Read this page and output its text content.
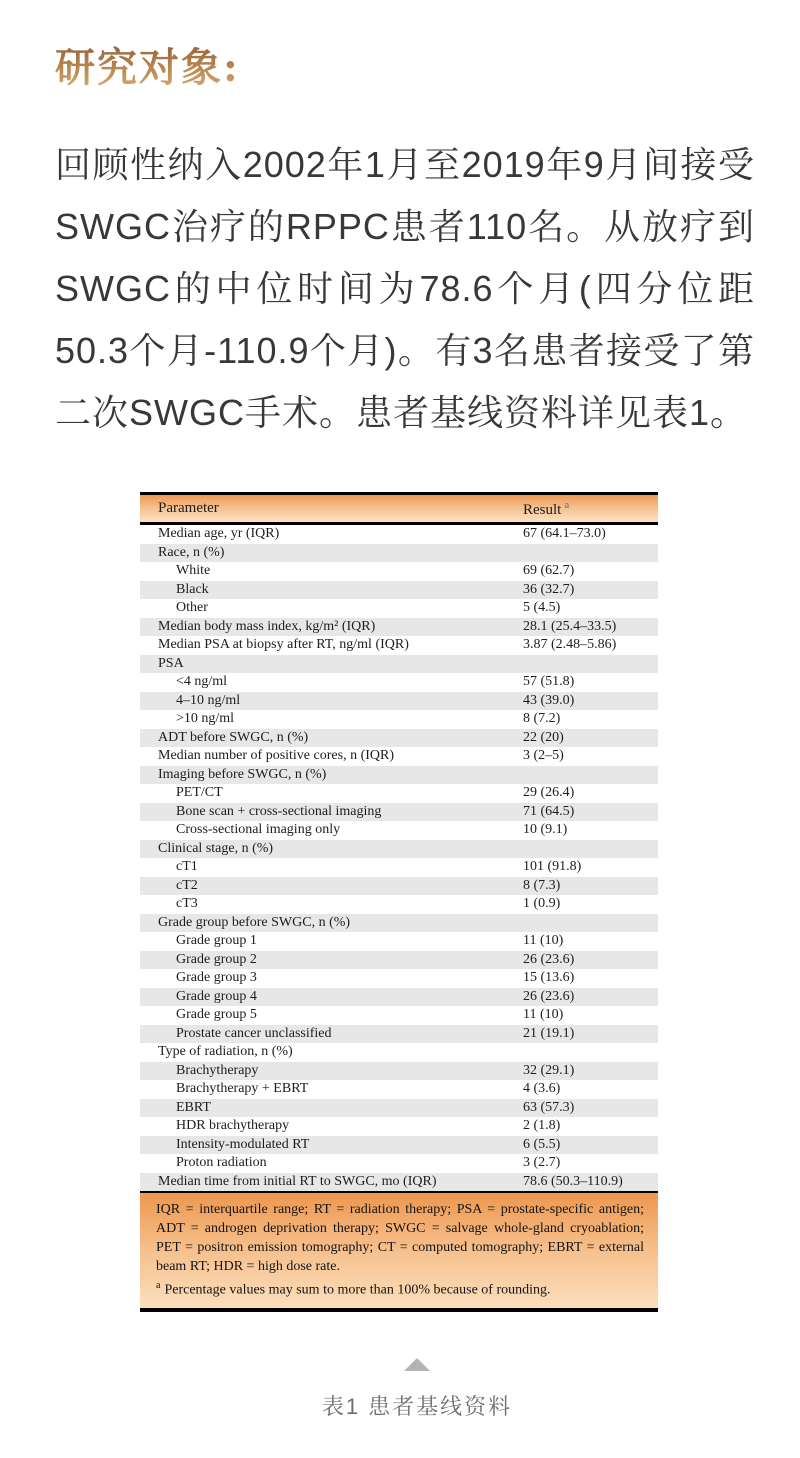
研究对象:

回顾性纳入2002年1月至2019年9月间接受SWGC治疗的RPPC患者110名。从放疗到SWGC的中位时间为78.6个月(四分位距50.3个月-110.9个月)。有3名患者接受了第二次SWGC手术。患者基线资料详见表1。

Parameter	Result $^a$
Median age, yr (IQR)	67 (64.1–73.0)
Race, n (%)
White	69 (62.7)
Black	36 (32.7)
Other	5 (4.5)
Median body mass index, kg/m² (IQR)	28.1 (25.4–33.5)
Median PSA at biopsy after RT, ng/ml (IQR)	3.87 (2.48–5.86)
PSA
<4 ng/ml	57 (51.8)
4–10 ng/ml	43 (39.0)
>10 ng/ml	8 (7.2)
ADT before SWGC, n (%)	22 (20)
Median number of positive cores, n (IQR)	3 (2–5)
Imaging before SWGC, n (%)
PET/CT	29 (26.4)
Bone scan + cross-sectional imaging	71 (64.5)
Cross-sectional imaging only	10 (9.1)
Clinical stage, n (%)
cT1	101 (91.8)
cT2	8 (7.3)
cT3	1 (0.9)
Grade group before SWGC, n (%)
Grade group 1	11 (10)
Grade group 2	26 (23.6)
Grade group 3	15 (13.6)
Grade group 4	26 (23.6)
Grade group 5	11 (10)
Prostate cancer unclassified	21 (19.1)
Type of radiation, n (%)
Brachytherapy	32 (29.1)
Brachytherapy + EBRT	4 (3.6)
EBRT	63 (57.3)
HDR brachytherapy	2 (1.8)
Intensity-modulated RT	6 (5.5)
Proton radiation	3 (2.7)
Median time from initial RT to SWGC, mo (IQR)	78.6 (50.3–110.9)

IQR = interquartile range; RT = radiation therapy; PSA = prostate-specific antigen; ADT = androgen deprivation therapy; SWGC = salvage whole-gland cryoablation; PET = positron emission tomography; CT = computed tomography; EBRT = external beam RT; HDR = high dose rate.

$^a$ Percentage values may sum to more than 100% because of rounding.

表1 患者基线资料
